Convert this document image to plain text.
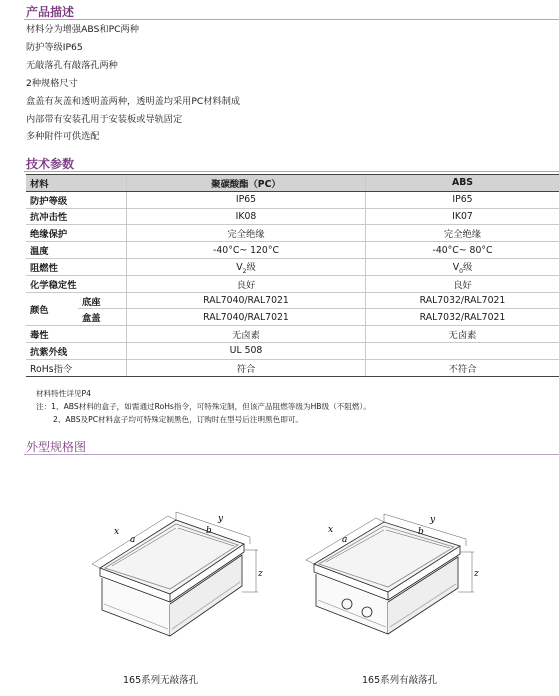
产品描述
材料分为增强ABS和PC两种
防护等级IP65
无敲落孔有敲落孔两种
2种规格尺寸
盒盖有灰盖和透明盖两种，透明盖均采用PC材料制成
内部带有安装孔用于安装板或导轨固定
多种附件可供选配
技术参数
材料		聚碳酸酯（PC）	ABS
防护等级		IP65	IP65
抗冲击性		IK08	IK07
绝缘保护		完全绝缘	完全绝缘
温度		-40°C~ 120°C	-40°C~ 80°C
阻燃性		$V_2$级	$V_0$级
化学稳定性		良好	良好
颜色	底座	RAL7040/RAL7021	RAL7032/RAL7021
	盒盖	RAL7040/RAL7021	RAL7032/RAL7021
毒性		无卤素	无卤素
抗紫外线		UL 508	
RoHs指令		符合	不符合
材料特性详见P4
注：1、ABS材料的盒子，如需通过RoHs指令，可特殊定制，但该产品阻燃等级为HB级（不阻燃）。
2、ABS及PC材料盒子均可特殊定制黑色，订购时在型号后注明黑色即可。
外型规格图
x
a
y
b
z
x
a
y
b
z
165系列无敲落孔	165系列有敲落孔
